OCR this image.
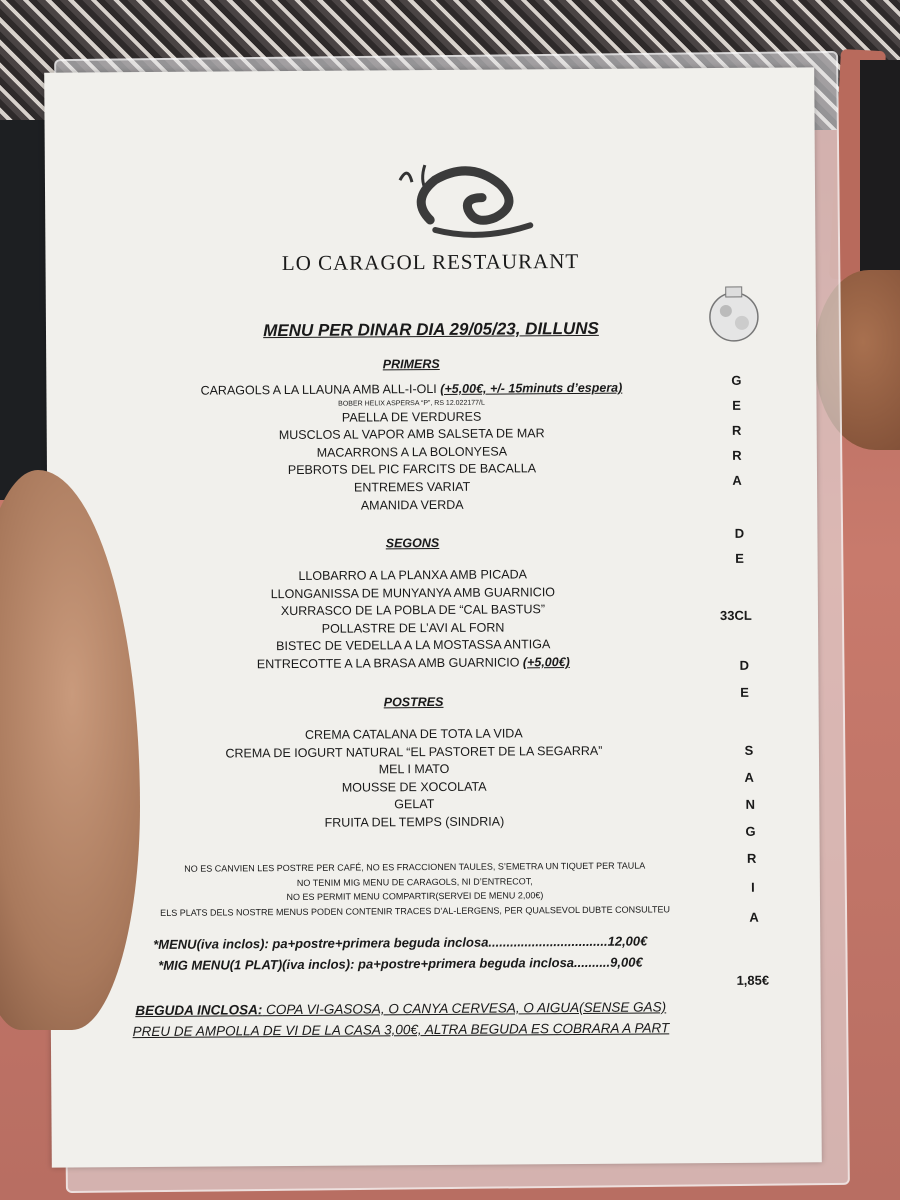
LO CARAGOL RESTAURANT
MENU PER DINAR DIA 29/05/23, DILLUNS
PRIMERS
CARAGOLS A LA LLAUNA AMB ALL-I-OLI (+5,00€, +/- 15minuts d’espera)
BOBER HELIX ASPERSA “P”, RS 12.022177/L
PAELLA DE VERDURES
MUSCLOS AL VAPOR AMB SALSETA DE MAR
MACARRONS A LA BOLONYESA
PEBROTS DEL PIC FARCITS DE BACALLA
ENTREMES VARIAT
AMANIDA VERDA
SEGONS
LLOBARRO A LA PLANXA AMB PICADA
LLONGANISSA DE MUNYANYA AMB GUARNICIO
XURRASCO DE LA POBLA DE “CAL BASTUS”
POLLASTRE DE L’AVI AL FORN
BISTEC DE VEDELLA A LA MOSTASSA ANTIGA
ENTRECOTTE A LA BRASA AMB GUARNICIO (+5,00€)
POSTRES
CREMA CATALANA DE TOTA LA VIDA
CREMA DE IOGURT NATURAL “EL PASTORET DE LA SEGARRA”
MEL I MATO
MOUSSE DE XOCOLATA
GELAT
FRUITA DEL TEMPS (SINDRIA)
NO ES CANVIEN LES POSTRE PER CAFÉ, NO ES FRACCIONEN TAULES, S’EMETRA UN TIQUET PER TAULA
NO TENIM MIG MENU DE CARAGOLS, NI D’ENTRECOT,
NO ES PERMIT MENU COMPARTIR(SERVEI DE MENU 2,00€)
ELS PLATS DELS NOSTRE MENUS PODEN CONTENIR TRACES D’AL-LERGENS, PER QUALSEVOL DUBTE CONSULTEU
*MENU(iva inclos): pa+postre+primera beguda inclosa.................................12,00€
*MIG MENU(1 PLAT)(iva inclos): pa+postre+primera beguda inclosa..........9,00€
BEGUDA INCLOSA: COPA VI-GASOSA, O CANYA CERVESA, O AIGUA(SENSE GAS)
PREU DE AMPOLLA DE VI DE LA CASA 3,00€, ALTRA BEGUDA ES COBRARA A PART
G
E
R
R
A
D
E
33CL
D
E
S
A
N
G
R
I
A
1,85€
